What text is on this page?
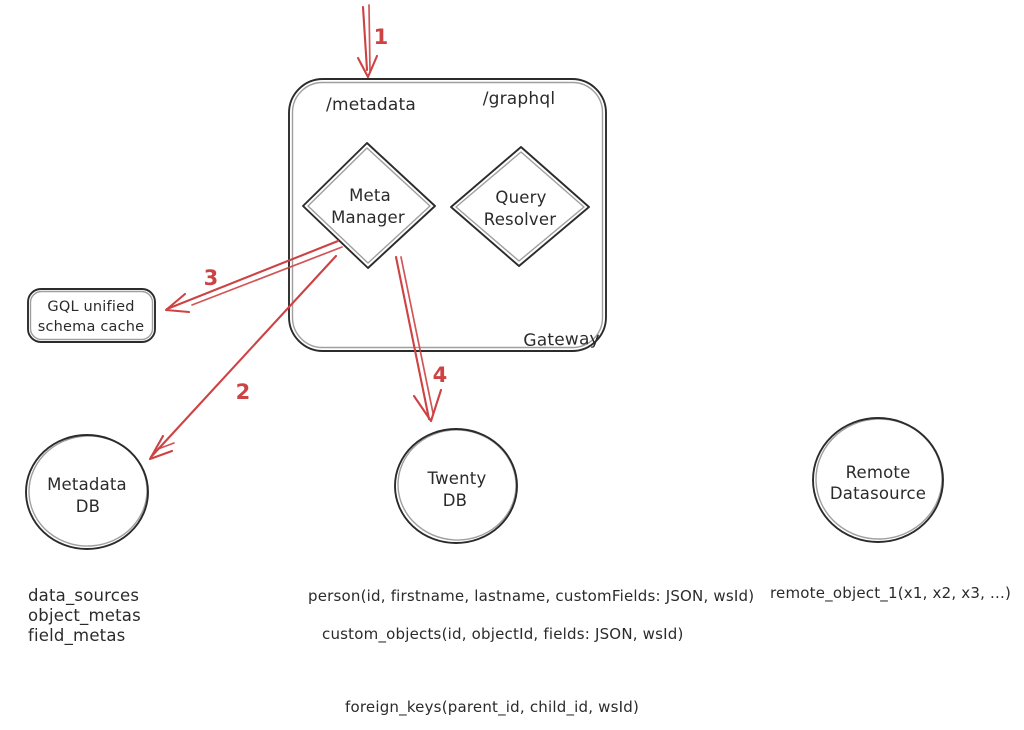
1
/metadata	/graphql
Gateway
Meta
Manager
Query
Resolver
3
2
4
GQL unified
schema cache
Metadata
DB
data_sources
object_metas
field_metas
Twenty
DB
person(id, firstname, lastname, customFields: JSON, wsId)
custom_objects(id, objectId, fields: JSON, wsId)
foreign_keys(parent_id, child_id, wsId)
Remote
Datasource
remote_object_1(x1, x2, x3, ...)
